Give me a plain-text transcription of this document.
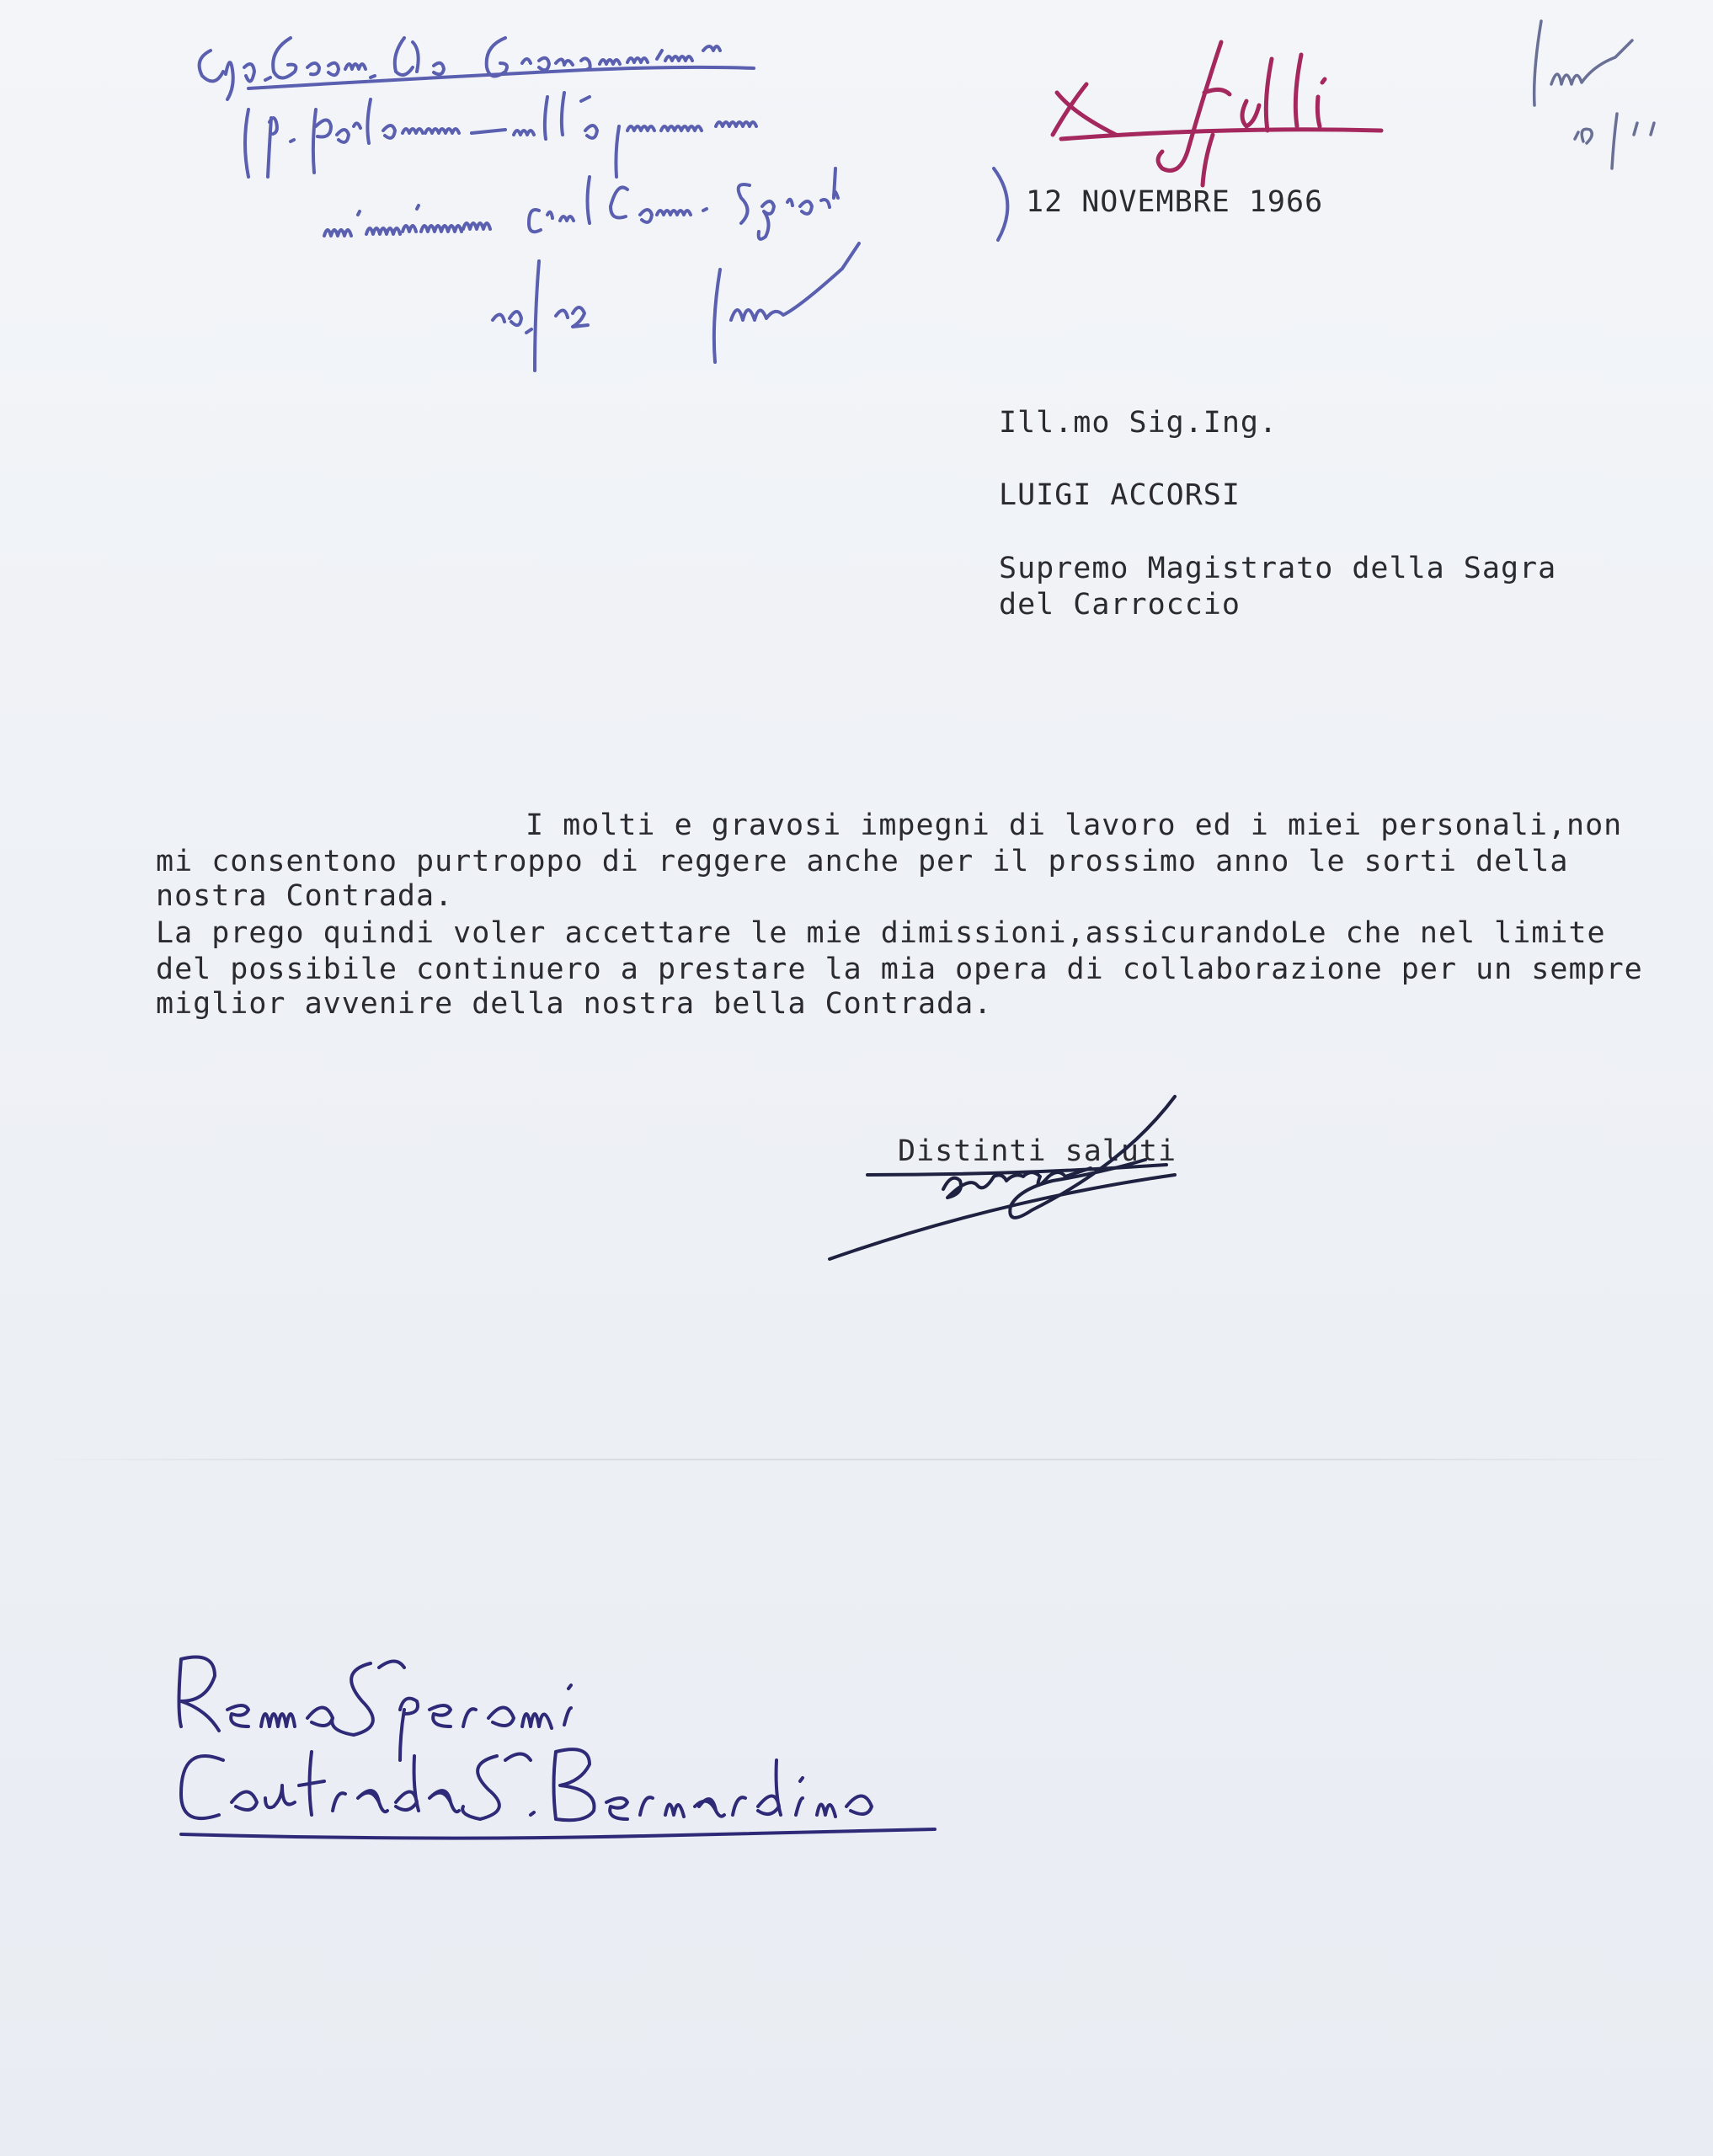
12 NOVEMBRE 1966
Ill.mo Sig.Ing.
LUIGI ACCORSI
Supremo Magistrato della Sagra
del Carroccio
I molti e gravosi impegni di lavoro ed i miei personali,non
mi consentono purtroppo di reggere anche per il prossimo anno le sorti della
nostra Contrada.
La prego quindi voler accettare le mie dimissioni,assicurandoLe che nel limite
del possibile continuero a prestare la mia opera di collaborazione per un sempre
miglior avvenire della nostra bella Contrada.
Distinti saluti
